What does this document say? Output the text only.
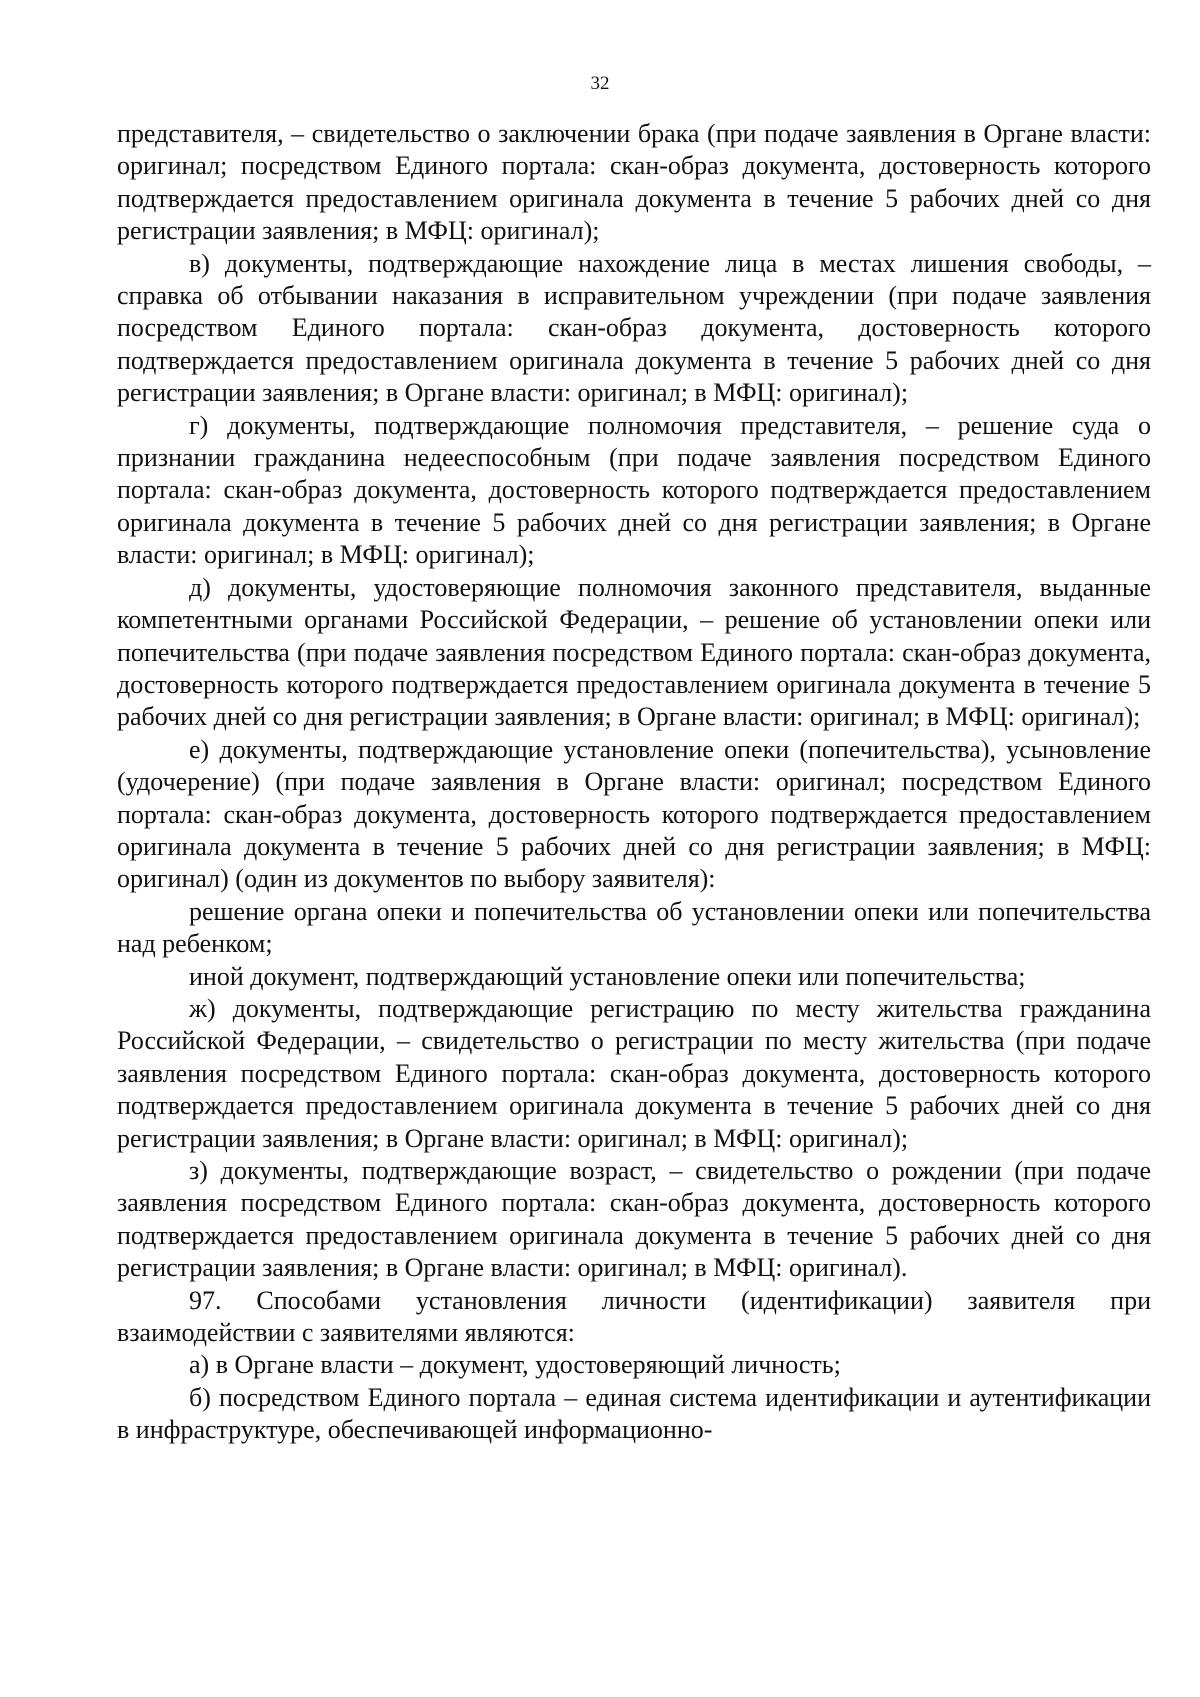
32

представителя, – свидетельство о заключении брака (при подаче заявления в Органе власти: оригинал; посредством Единого портала: скан-образ документа, достоверность которого подтверждается предоставлением оригинала документа в течение 5 рабочих дней со дня регистрации заявления; в МФЦ: оригинал);

в) документы, подтверждающие нахождение лица в местах лишения свободы, – справка об отбывании наказания в исправительном учреждении (при подаче заявления посредством Единого портала: скан-образ документа, достоверность которого подтверждается предоставлением оригинала документа в течение 5 рабочих дней со дня регистрации заявления; в Органе власти: оригинал; в МФЦ: оригинал);

г) документы, подтверждающие полномочия представителя, – решение суда о признании гражданина недееспособным (при подаче заявления посредством Единого портала: скан-образ документа, достоверность которого подтверждается предоставлением оригинала документа в течение 5 рабочих дней со дня регистрации заявления; в Органе власти: оригинал; в МФЦ: оригинал);

д) документы, удостоверяющие полномочия законного представителя, выданные компетентными органами Российской Федерации, – решение об установлении опеки или попечительства (при подаче заявления посредством Единого портала: скан-образ документа, достоверность которого подтверждается предоставлением оригинала документа в течение 5 рабочих дней со дня регистрации заявления; в Органе власти: оригинал; в МФЦ: оригинал);

е) документы, подтверждающие установление опеки (попечительства), усыновление (удочерение) (при подаче заявления в Органе власти: оригинал; посредством Единого портала: скан-образ документа, достоверность которого подтверждается предоставлением оригинала документа в течение 5 рабочих дней со дня регистрации заявления; в МФЦ: оригинал) (один из документов по выбору заявителя):

решение органа опеки и попечительства об установлении опеки или попечительства над ребенком;

иной документ, подтверждающий установление опеки или попечительства;

ж) документы, подтверждающие регистрацию по месту жительства гражданина Российской Федерации, – свидетельство о регистрации по месту жительства (при подаче заявления посредством Единого портала: скан-образ документа, достоверность которого подтверждается предоставлением оригинала документа в течение 5 рабочих дней со дня регистрации заявления; в Органе власти: оригинал; в МФЦ: оригинал);

з) документы, подтверждающие возраст, – свидетельство о рождении (при подаче заявления посредством Единого портала: скан-образ документа, достоверность которого подтверждается предоставлением оригинала документа в течение 5 рабочих дней со дня регистрации заявления; в Органе власти: оригинал; в МФЦ: оригинал).

97. Способами установления личности (идентификации) заявителя при взаимодействии с заявителями являются:

а) в Органе власти – документ, удостоверяющий личность;

б) посредством Единого портала – единая система идентификации и аутентификации в инфраструктуре, обеспечивающей информационно-
